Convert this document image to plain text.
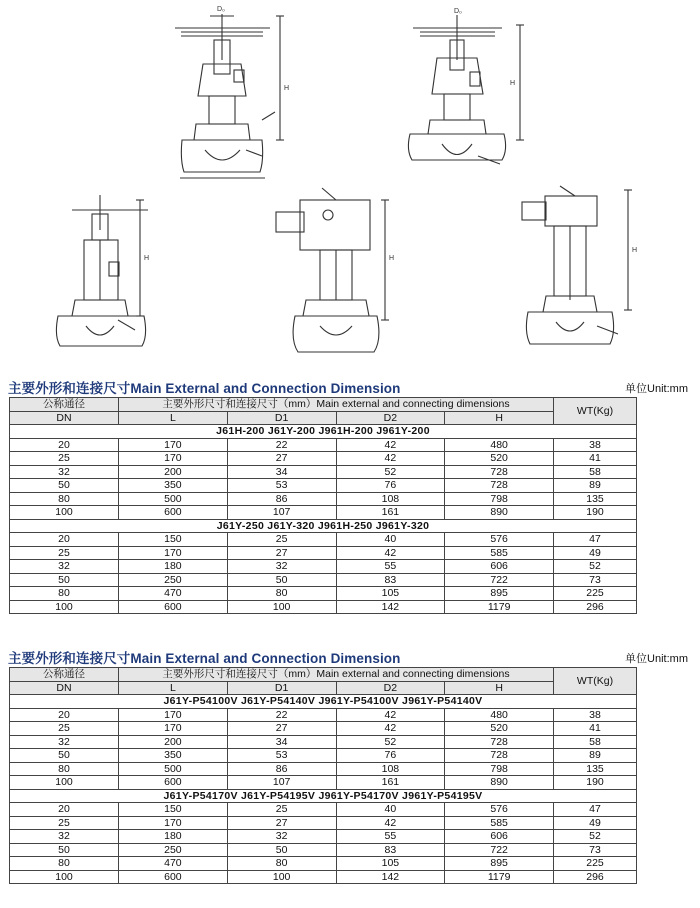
D₀	D₀
H
H
H	H
H
主要外形和连接尺寸Main External and Connection Dimension	单位Unit:mm
公称通径	主要外形尺寸和连接尺寸（mm）Main external and connecting dimensions				WT(Kg)
DN	L	D1	D2	H	
J61H-200 J61Y-200 J961H-200 J961Y-200					
20	170	22	42	480	38
25	170	27	42	520	41
32	200	34	52	728	58
50	350	53	76	728	89
80	500	86	108	798	135
100	600	107	161	890	190
J61Y-250 J61Y-320 J961H-250 J961Y-320					
20	150	25	40	576	47
25	170	27	42	585	49
32	180	32	55	606	52
50	250	50	83	722	73
80	470	80	105	895	225
100	600	100	142	1179	296
主要外形和连接尺寸Main External and Connection Dimension	单位Unit:mm
公称通径	主要外形尺寸和连接尺寸（mm）Main external and connecting dimensions				WT(Kg)
DN	L	D1	D2	H	
J61Y-P54100V J61Y-P54140V J961Y-P54100V J961Y-P54140V					
20	170	22	42	480	38
25	170	27	42	520	41
32	200	34	52	728	58
50	350	53	76	728	89
80	500	86	108	798	135
100	600	107	161	890	190
J61Y-P54170V J61Y-P54195V J961Y-P54170V J961Y-P54195V					
20	150	25	40	576	47
25	170	27	42	585	49
32	180	32	55	606	52
50	250	50	83	722	73
80	470	80	105	895	225
100	600	100	142	1179	296
